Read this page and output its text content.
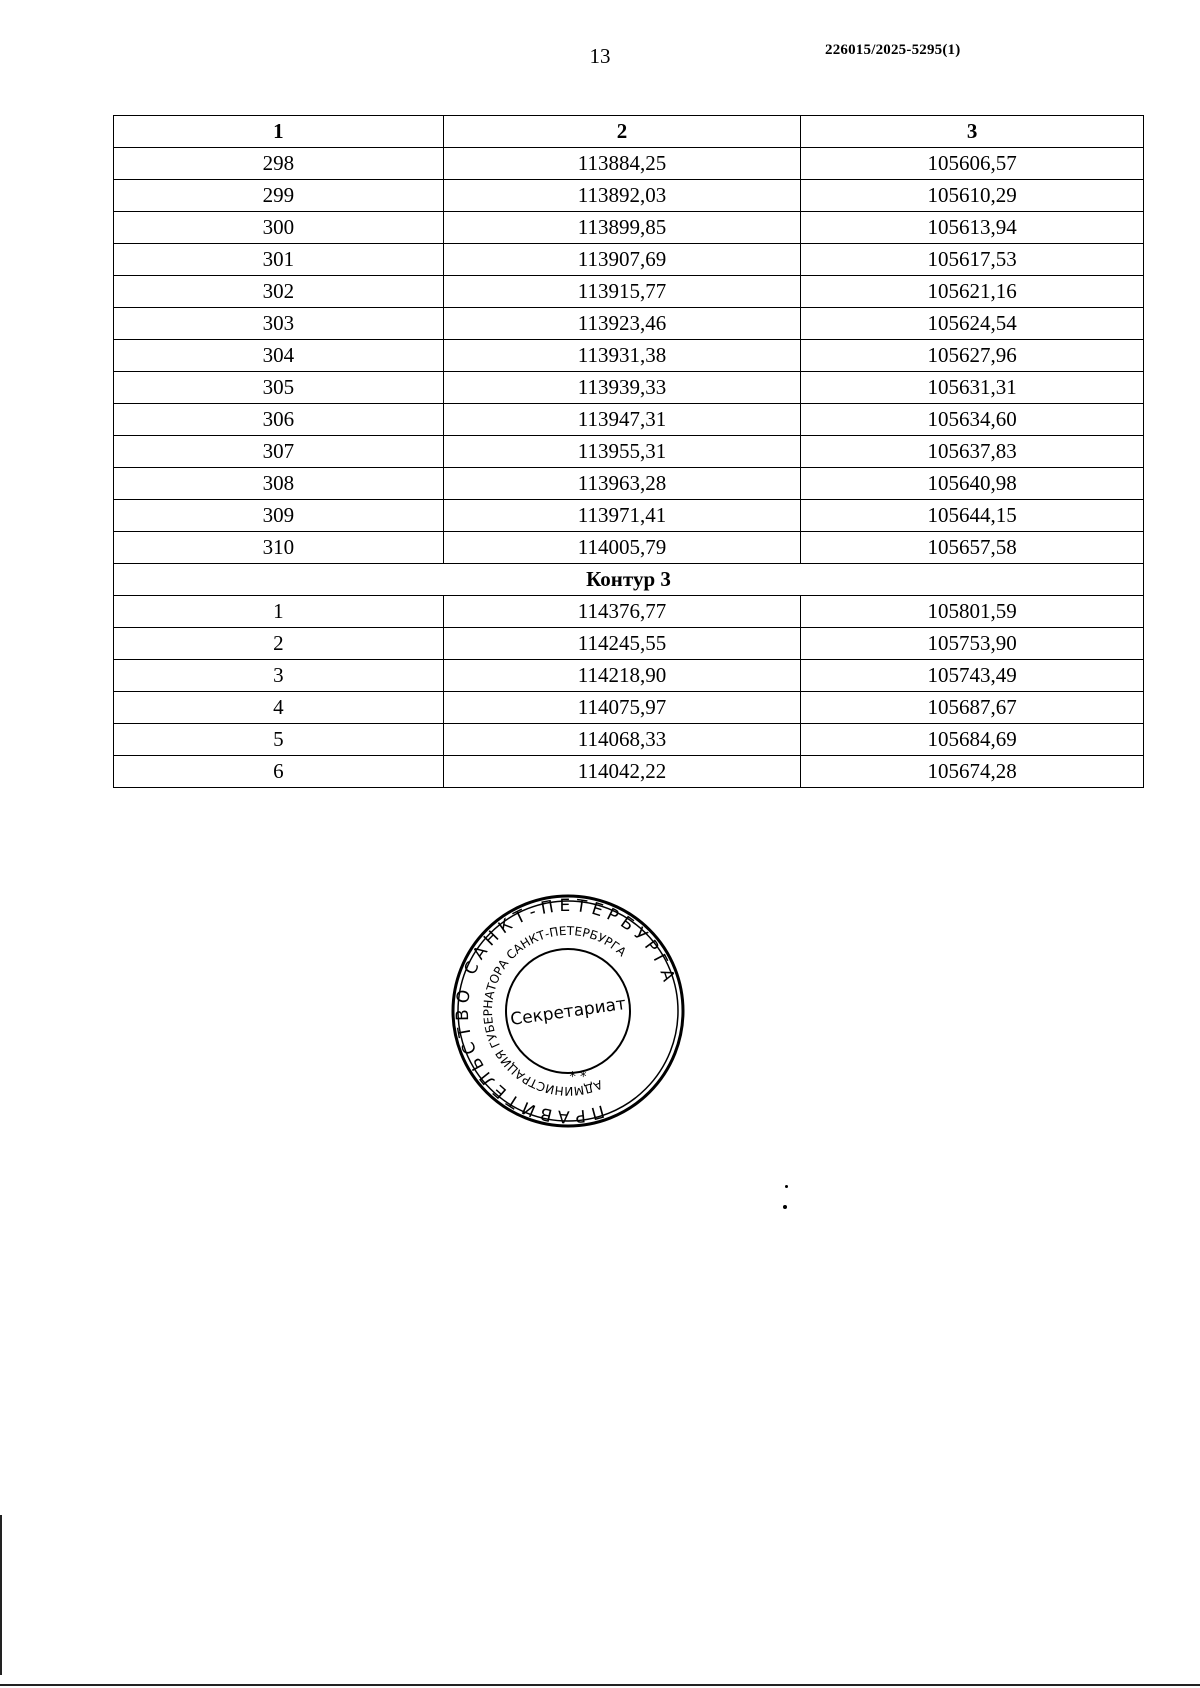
13	226015/2025-5295(1)
1	2	3
298	113884,25	105606,57
299	113892,03	105610,29
300	113899,85	105613,94
301	113907,69	105617,53
302	113915,77	105621,16
303	113923,46	105624,54
304	113931,38	105627,96
305	113939,33	105631,31
306	113947,31	105634,60
307	113955,31	105637,83
308	113963,28	105640,98
309	113971,41	105644,15
310	114005,79	105657,58
Контур 3		
1	114376,77	105801,59
2	114245,55	105753,90
3	114218,90	105743,49
4	114075,97	105687,67
5	114068,33	105684,69
6	114042,22	105674,28
ПРАВИТЕЛЬСТВО САНКТ-ПЕТЕРБУРГА
АДМИНИСТРАЦИЯ ГУБЕРНАТОРА САНКТ-ПЕТЕРБУРГА
Секретариат
* *
